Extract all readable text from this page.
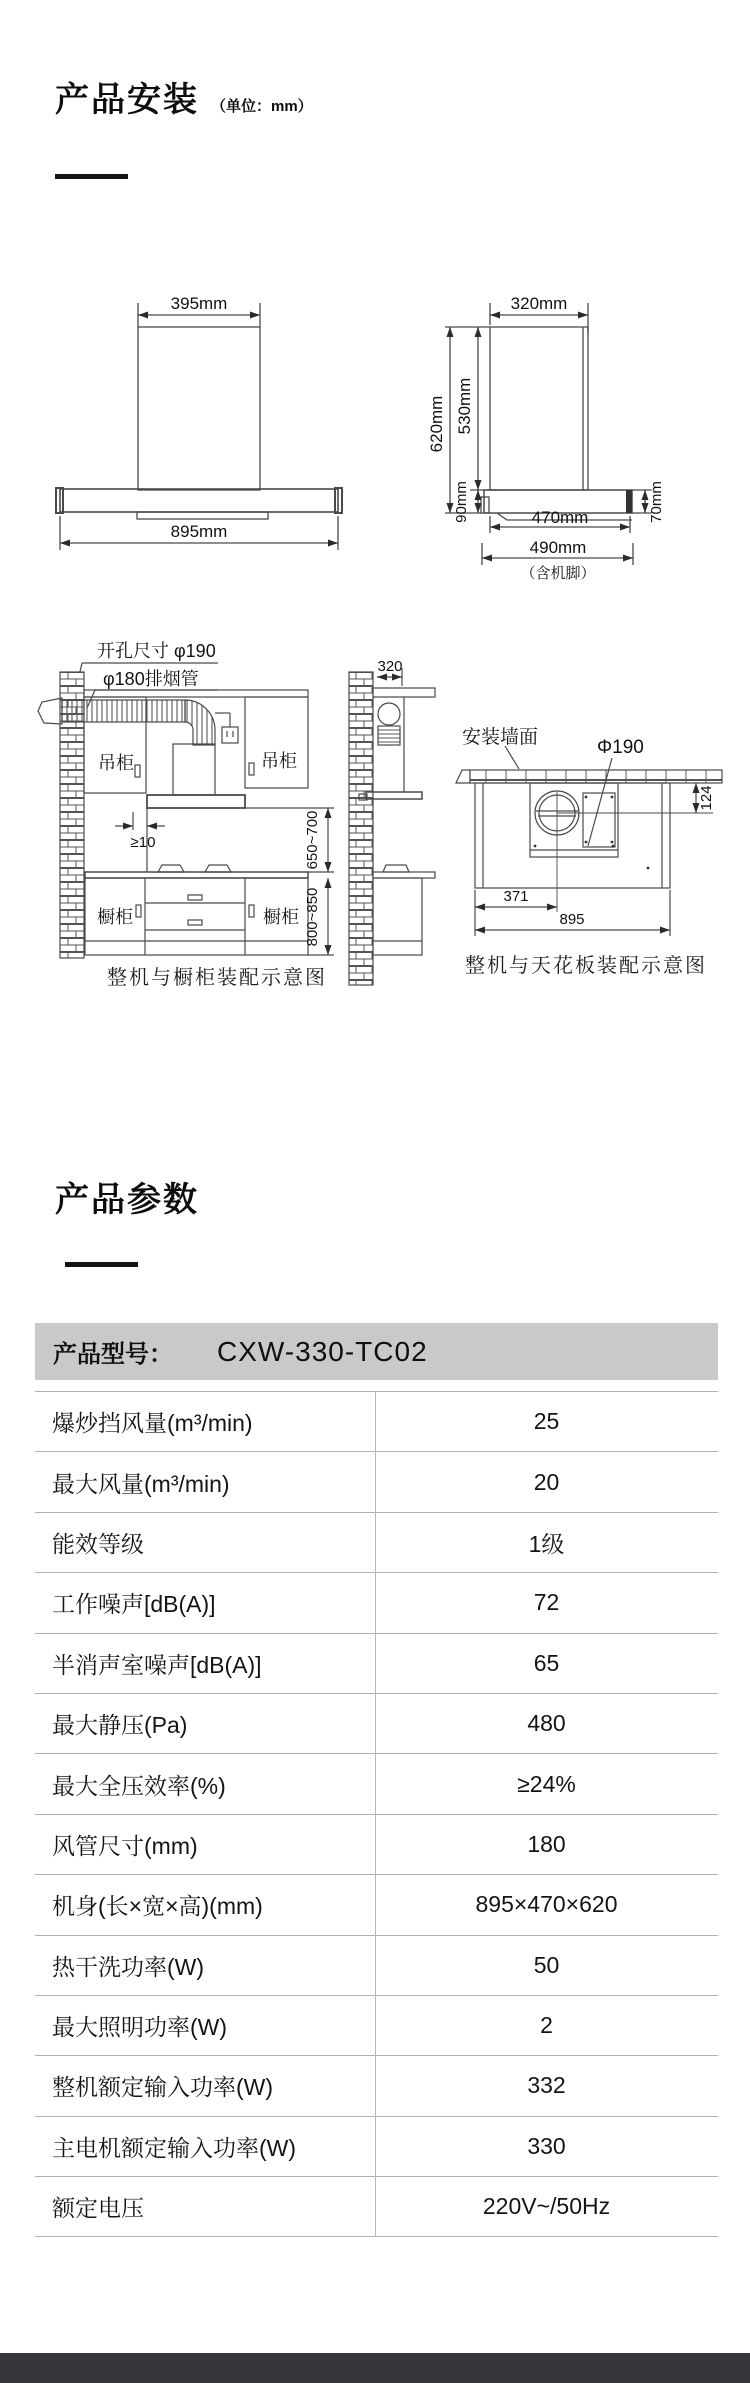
产品安装 （单位：mm）
395mm
895mm
320mm
620mm 530mm
90mm	70mm
470mm
490mm
（含机脚）
开孔尺寸 φ190
φ180排烟管
吊柜	吊柜
≥10	650~700
800~850
橱柜	橱柜
整机与橱柜装配示意图
320
安装墙面	Φ190
124
371
895
整机与天花板装配示意图
产品参数
产品型号： CXW-330-TC02
爆炒挡风量(m³/min)	25
最大风量(m³/min)	20
能效等级	1级
工作噪声[dB(A)]	72
半消声室噪声[dB(A)]	65
最大静压(Pa)	480
最大全压效率(%)	≥24%
风管尺寸(mm)	180
机身(长×宽×高)(mm)	895×470×620
热干洗功率(W)	50
最大照明功率(W)	2
整机额定输入功率(W)	332
主电机额定输入功率(W)	330
额定电压	220V~/50Hz
